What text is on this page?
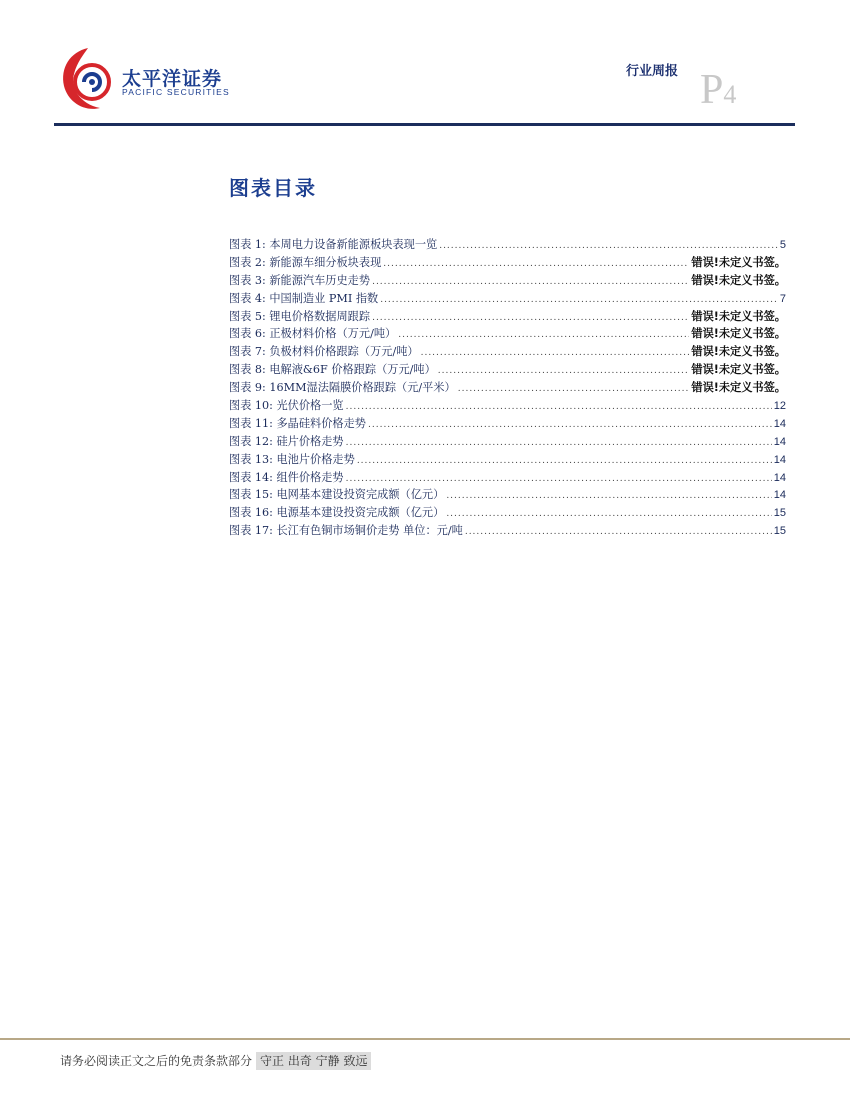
太平洋证券
PACIFIC SECURITIES
行业周报 P4
图表目录
图表 1: 本周电力设备新能源板块表现一览 .....	5
图表 2: 新能源车细分板块表现 .....	错误!未定义书签。
图表 3: 新能源汽车历史走势 .....	错误!未定义书签。
图表 4: 中国制造业 PMI 指数 .....	7
图表 5: 锂电价格数据周跟踪 .....	错误!未定义书签。
图表 6: 正极材料价格（万元/吨） .....	错误!未定义书签。
图表 7: 负极材料价格跟踪（万元/吨） .....	错误!未定义书签。
图表 8: 电解液&6F 价格跟踪（万元/吨） .....	错误!未定义书签。
图表 9: 16MM湿法隔膜价格跟踪（元/平米） .....	错误!未定义书签。
图表 10: 光伏价格一览 .....	12
图表 11: 多晶硅料价格走势 .....	14
图表 12: 硅片价格走势 .....	14
图表 13: 电池片价格走势 .....	14
图表 14: 组件价格走势 .....	14
图表 15: 电网基本建设投资完成额（亿元） .....	14
图表 16: 电源基本建设投资完成额（亿元） .....	15
图表 17: 长江有色铜市场铜价走势 单位：元/吨 .....	15
请务必阅读正文之后的免责条款部分 守正 出奇 宁静 致远
